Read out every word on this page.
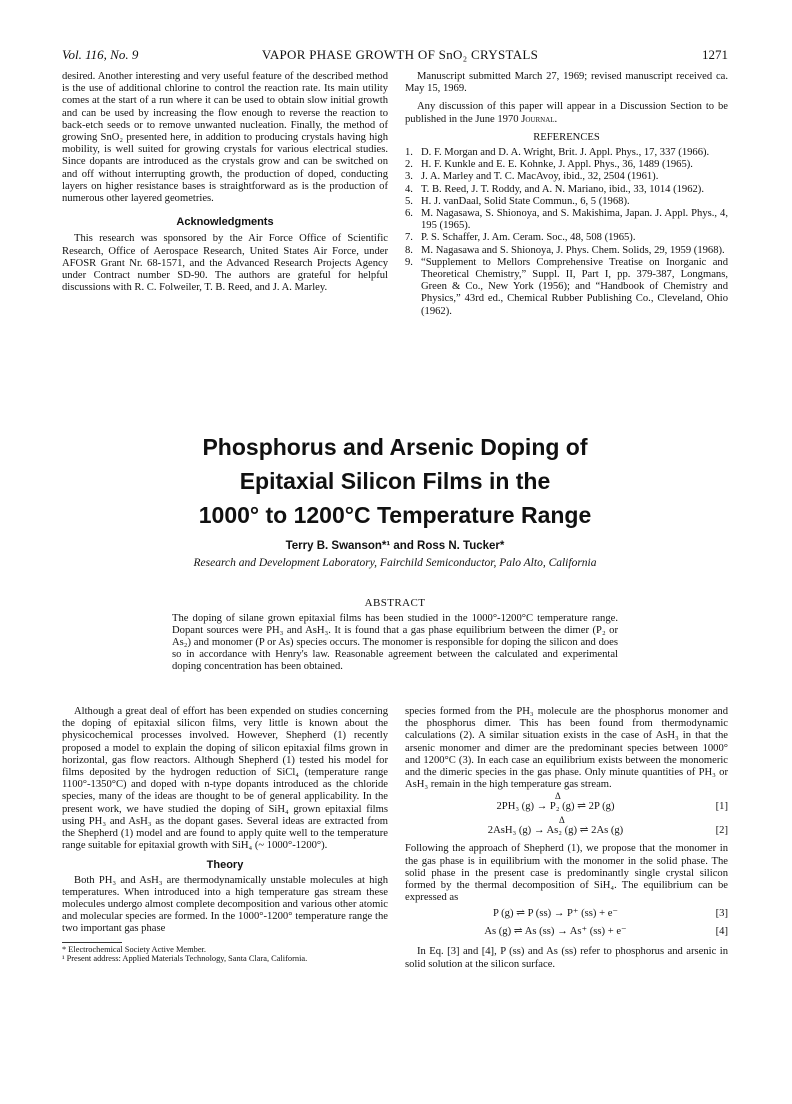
Vol. 116, No. 9	VAPOR PHASE GROWTH OF SnO₂ CRYSTALS	1271

desired. Another interesting and very useful feature of the described method is the use of additional chlorine to control the reaction rate. Its main utility comes at the start of a run where it can be used to obtain slow initial growth and can be used by increasing the flow enough to reverse the reaction to back-etch seeds or to remove unwanted nucleation. Finally, the method of growing SnO₂ presented here, in addition to producing crystals having high mobility, is well suited for growing crystals for various electrical studies. Since dopants are introduced as the crystals grow and can be switched on and off without interrupting growth, the production of doped, conducting layers on higher resistance bases is straightforward as is the production of numerous other layered geometries.

Acknowledgments

This research was sponsored by the Air Force Office of Scientific Research, Office of Aerospace Research, United States Air Force, under AFOSR Grant Nr. 68-1571, and the Advanced Research Projects Agency under Contract number SD-90. The authors are grateful for helpful discussions with R. C. Folweiler, T. B. Reed, and J. A. Marley.

Manuscript submitted March 27, 1969; revised manuscript received ca. May 15, 1969.

Any discussion of this paper will appear in a Discussion Section to be published in the June 1970 Journal.

REFERENCES
1. D. F. Morgan and D. A. Wright, Brit. J. Appl. Phys., 17, 337 (1966).
2. H. F. Kunkle and E. E. Kohnke, J. Appl. Phys., 36, 1489 (1965).
3. J. A. Marley and T. C. MacAvoy, ibid., 32, 2504 (1961).
4. T. B. Reed, J. T. Roddy, and A. N. Mariano, ibid., 33, 1014 (1962).
5. H. J. vanDaal, Solid State Commun., 6, 5 (1968).
6. M. Nagasawa, S. Shionoya, and S. Makishima, Japan. J. Appl. Phys., 4, 195 (1965).
7. P. S. Schaffer, J. Am. Ceram. Soc., 48, 508 (1965).
8. M. Nagasawa and S. Shionoya, J. Phys. Chem. Solids, 29, 1959 (1968).
9. “Supplement to Mellors Comprehensive Treatise on Inorganic and Theoretical Chemistry,” Suppl. II, Part I, pp. 379-387, Longmans, Green & Co., New York (1956); and “Handbook of Chemistry and Physics,” 43rd ed., Chemical Rubber Publishing Co., Cleveland, Ohio (1962).
Phosphorus and Arsenic Doping of
Epitaxial Silicon Films in the
1000° to 1200°C Temperature Range
Terry B. Swanson*¹ and Ross N. Tucker*
Research and Development Laboratory, Fairchild Semiconductor, Palo Alto, California
ABSTRACT
The doping of silane grown epitaxial films has been studied in the 1000°-1200°C temperature range. Dopant sources were PH₃ and AsH₃. It is found that a gas phase equilibrium between the dimer (P₂ or As₂) and monomer (P or As) species occurs. The monomer is responsible for doping the silicon and does so in accordance with Henry's law. Reasonable agreement between the calculated and experimental doping concentration has been obtained.

Although a great deal of effort has been expended on studies concerning the doping of epitaxial silicon films, very little is known about the physicochemical processes involved. However, Shepherd (1) recently proposed a model to explain the doping of silicon epitaxial films grown in horizontal, gas flow reactors. Although Shepherd (1) tested his model for films deposited by the hydrogen reduction of SiCl₄ (temperature range 1100°-1350°C) and doped with n-type dopants introduced as the chloride species, many of the ideas are thought to be of general applicability. In the present work, we have studied the doping of SiH₄ grown epitaxial films using PH₃ and AsH₃ as the dopant gases. Several ideas are extracted from the Shepherd (1) model and are found to apply quite well to the temperature range suitable for epitaxial growth with SiH₄ (~ 1000°-1200°).

Theory

Both PH₃ and AsH₃ are thermodynamically unstable molecules at high temperatures. When introduced into a high temperature gas stream these molecules undergo almost complete decomposition and various other atomic and molecular species are formed. In the 1000°-1200° temperature range the two important gas phase

* Electrochemical Society Active Member.
¹ Present address: Applied Materials Technology, Santa Clara, California.

species formed from the PH₃ molecule are the phosphorus monomer and the phosphorus dimer. This has been found from thermodynamic calculations (2). A similar situation exists in the case of AsH₃ in that the arsenic monomer and dimer are the predominant species between 1000° and 1200°C (3). In each case an equilibrium exists between the monomeric and the dimeric species in the gas phase. Only minute quantities of PH₃ or AsH₃ remain in the high temperature gas stream.

Δ
2PH₃ (g) → P₂ (g) ⇌ 2P (g)	[1]
Δ
2AsH₃ (g) → As₂ (g) ⇌ 2As (g)	[2]

Following the approach of Shepherd (1), we propose that the monomer in the gas phase is in equilibrium with the monomer in the solid phase. The solid phase in the present case is predominantly single crystal silicon formed by the thermal decomposition of SiH₄. The equilibrium can be expressed as

P (g) ⇌ P (ss) → P⁺ (ss) + e⁻	[3]
As (g) ⇌ As (ss) → As⁺ (ss) + e⁻	[4]

In Eq. [3] and [4], P (ss) and As (ss) refer to phosphorus and arsenic in solid solution at the silicon surface.
